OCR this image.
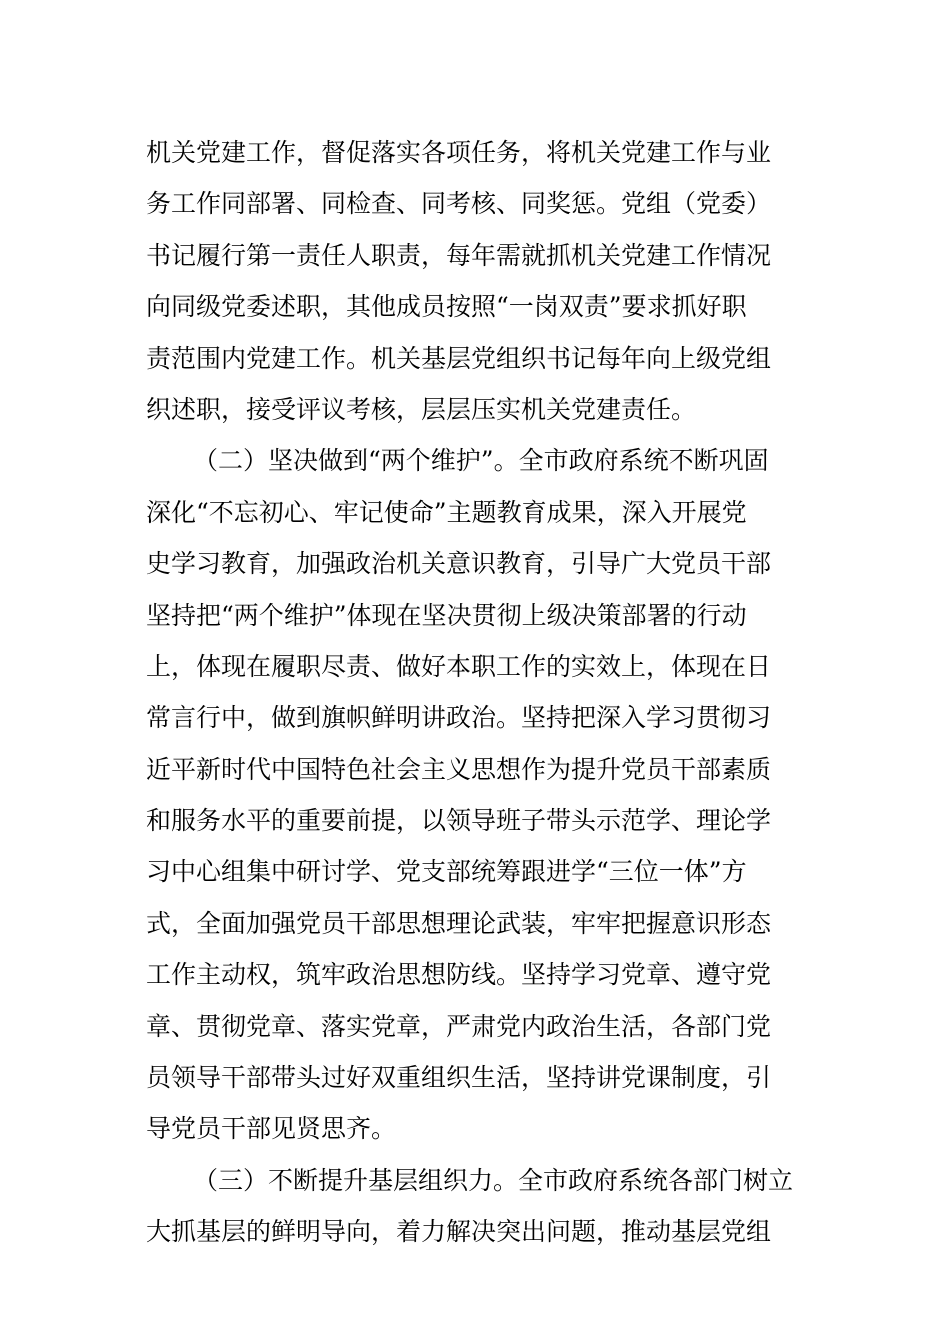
机关党建工作，督促落实各项任务，将机关党建工作与业
务工作同部署、同检查、同考核、同奖惩。党组（党委）
书记履行第一责任人职责，每年需就抓机关党建工作情况
向同级党委述职，其他成员按照“一岗双责”要求抓好职
责范围内党建工作。机关基层党组织书记每年向上级党组
织述职，接受评议考核，层层压实机关党建责任。
（二）坚决做到“两个维护”。全市政府系统不断巩固
深化“不忘初心、牢记使命”主题教育成果，深入开展党
史学习教育，加强政治机关意识教育，引导广大党员干部
坚持把“两个维护”体现在坚决贯彻上级决策部署的行动
上，体现在履职尽责、做好本职工作的实效上，体现在日
常言行中，做到旗帜鲜明讲政治。坚持把深入学习贯彻习
近平新时代中国特色社会主义思想作为提升党员干部素质
和服务水平的重要前提，以领导班子带头示范学、理论学
习中心组集中研讨学、党支部统筹跟进学“三位一体”方
式，全面加强党员干部思想理论武装，牢牢把握意识形态
工作主动权，筑牢政治思想防线。坚持学习党章、遵守党
章、贯彻党章、落实党章，严肃党内政治生活，各部门党
员领导干部带头过好双重组织生活，坚持讲党课制度，引
导党员干部见贤思齐。
（三）不断提升基层组织力。全市政府系统各部门树立
大抓基层的鲜明导向，着力解决突出问题，推动基层党组
